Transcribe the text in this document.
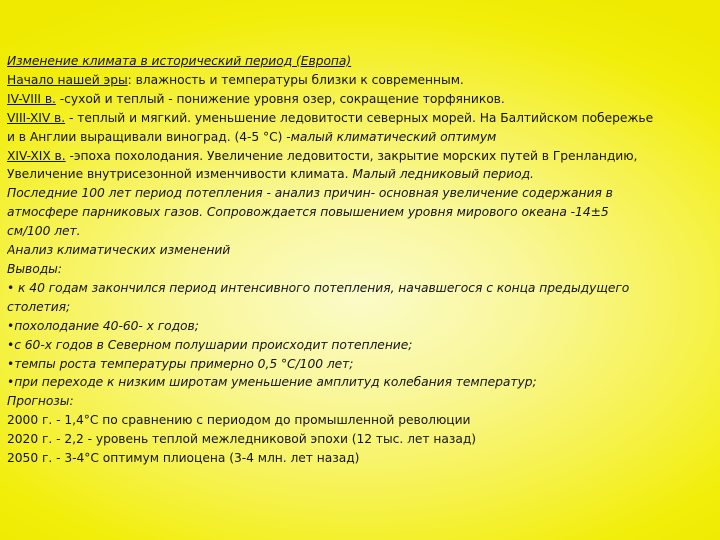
Изменение климата в исторический период (Европа)
Начало нашей эры: влажность и температуры близки к современным.
IV-VIII в. -сухой и теплый - понижение уровня озер, сокращение торфяников.
VIII-XIV в. - теплый и мягкий. уменьшение ледовитости северных морей. На Балтийском побережье
и в Англии выращивали виноград. (4-5 °C) -малый климатический оптимум
XIV-XIX в. -эпоха похолодания. Увеличение ледовитости, закрытие морских путей в Гренландию,
Увеличение внутрисезонной изменчивости климата. Малый ледниковый период.
Последние 100 лет период потепления - анализ причин- основная увеличение содержания в
атмосфере парниковых газов. Сопровождается повышением уровня мирового океана -14±5
см/100 лет.
Анализ климатических изменений
Выводы:
• к 40 годам закончился период интенсивного потепления, начавшегося с конца предыдущего
столетия;
•похолодание 40-60- х годов;
•с 60-х годов в Северном полушарии происходит потепление;
•темпы роста температуры примерно 0,5 °C/100 лет;
•при переходе к низким широтам уменьшение амплитуд колебания температур;
Прогнозы:
2000 г. - 1,4°C по сравнению с периодом до промышленной революции
2020 г. - 2,2 - уровень теплой межледниковой эпохи (12 тыс. лет назад)
2050 г. - 3-4°C оптимум плиоцена (3-4 млн. лет назад)
